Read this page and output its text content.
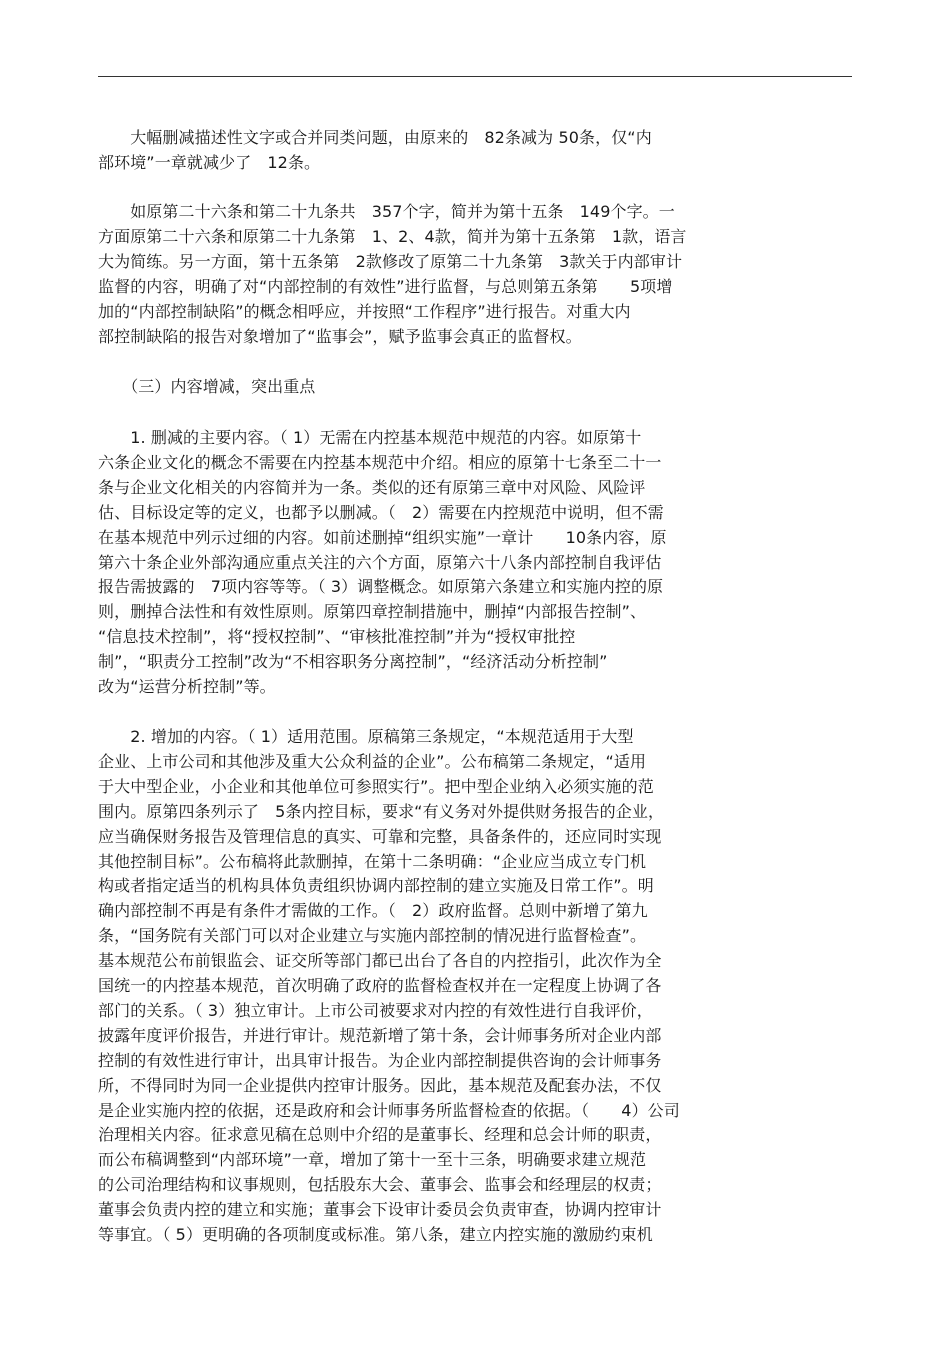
　　大幅删减描述性文字或合并同类问题，由原来的　82条减为 50条，仅“内
部环境”一章就减少了　12条。
　　如原第二十六条和第二十九条共　357个字，简并为第十五条　149个字。一
方面原第二十六条和原第二十九条第　1、2、4款，简并为第十五条第　1款，语言
大为简练。另一方面，第十五条第　2款修改了原第二十九条第　3款关于内部审计
监督的内容，明确了对“内部控制的有效性”进行监督，与总则第五条第　　5项增
加的“内部控制缺陷”的概念相呼应，并按照“工作程序”进行报告。对重大内
部控制缺陷的报告对象增加了“监事会”，赋予监事会真正的监督权。
　　（三）内容增减，突出重点
　　1. 删减的主要内容。（ 1）无需在内控基本规范中规范的内容。如原第十
六条企业文化的概念不需要在内控基本规范中介绍。相应的原第十七条至二十一
条与企业文化相关的内容简并为一条。类似的还有原第三章中对风险、风险评
估、目标设定等的定义，也都予以删减。（　2）需要在内控规范中说明，但不需
在基本规范中列示过细的内容。如前述删掉“组织实施”一章计　　10条内容，原
第六十条企业外部沟通应重点关注的六个方面，原第六十八条内部控制自我评估
报告需披露的　7项内容等等。（ 3）调整概念。如原第六条建立和实施内控的原
则，删掉合法性和有效性原则。原第四章控制措施中，删掉“内部报告控制”、
“信息技术控制”，将“授权控制”、“审核批准控制”并为“授权审批控
制”，“职责分工控制”改为“不相容职务分离控制”，“经济活动分析控制”
改为“运营分析控制”等。
　　2. 增加的内容。（ 1）适用范围。原稿第三条规定，“本规范适用于大型
企业、上市公司和其他涉及重大公众利益的企业”。公布稿第二条规定，“适用
于大中型企业，小企业和其他单位可参照实行”。把中型企业纳入必须实施的范
围内。原第四条列示了　5条内控目标，要求“有义务对外提供财务报告的企业，
应当确保财务报告及管理信息的真实、可靠和完整，具备条件的，还应同时实现
其他控制目标”。公布稿将此款删掉，在第十二条明确：“企业应当成立专门机
构或者指定适当的机构具体负责组织协调内部控制的建立实施及日常工作”。明
确内部控制不再是有条件才需做的工作。（　2）政府监督。总则中新增了第九
条，“国务院有关部门可以对企业建立与实施内部控制的情况进行监督检查”。
基本规范公布前银监会、证交所等部门都已出台了各自的内控指引，此次作为全
国统一的内控基本规范，首次明确了政府的监督检查权并在一定程度上协调了各
部门的关系。（ 3）独立审计。上市公司被要求对内控的有效性进行自我评价，
披露年度评价报告，并进行审计。规范新增了第十条，会计师事务所对企业内部
控制的有效性进行审计，出具审计报告。为企业内部控制提供咨询的会计师事务
所，不得同时为同一企业提供内控审计服务。因此，基本规范及配套办法，不仅
是企业实施内控的依据，还是政府和会计师事务所监督检查的依据。（　　4）公司
治理相关内容。征求意见稿在总则中介绍的是董事长、经理和总会计师的职责，
而公布稿调整到“内部环境”一章，增加了第十一至十三条，明确要求建立规范
的公司治理结构和议事规则，包括股东大会、董事会、监事会和经理层的权责；
董事会负责内控的建立和实施；董事会下设审计委员会负责审查，协调内控审计
等事宜。（ 5）更明确的各项制度或标准。第八条，建立内控实施的激励约束机
